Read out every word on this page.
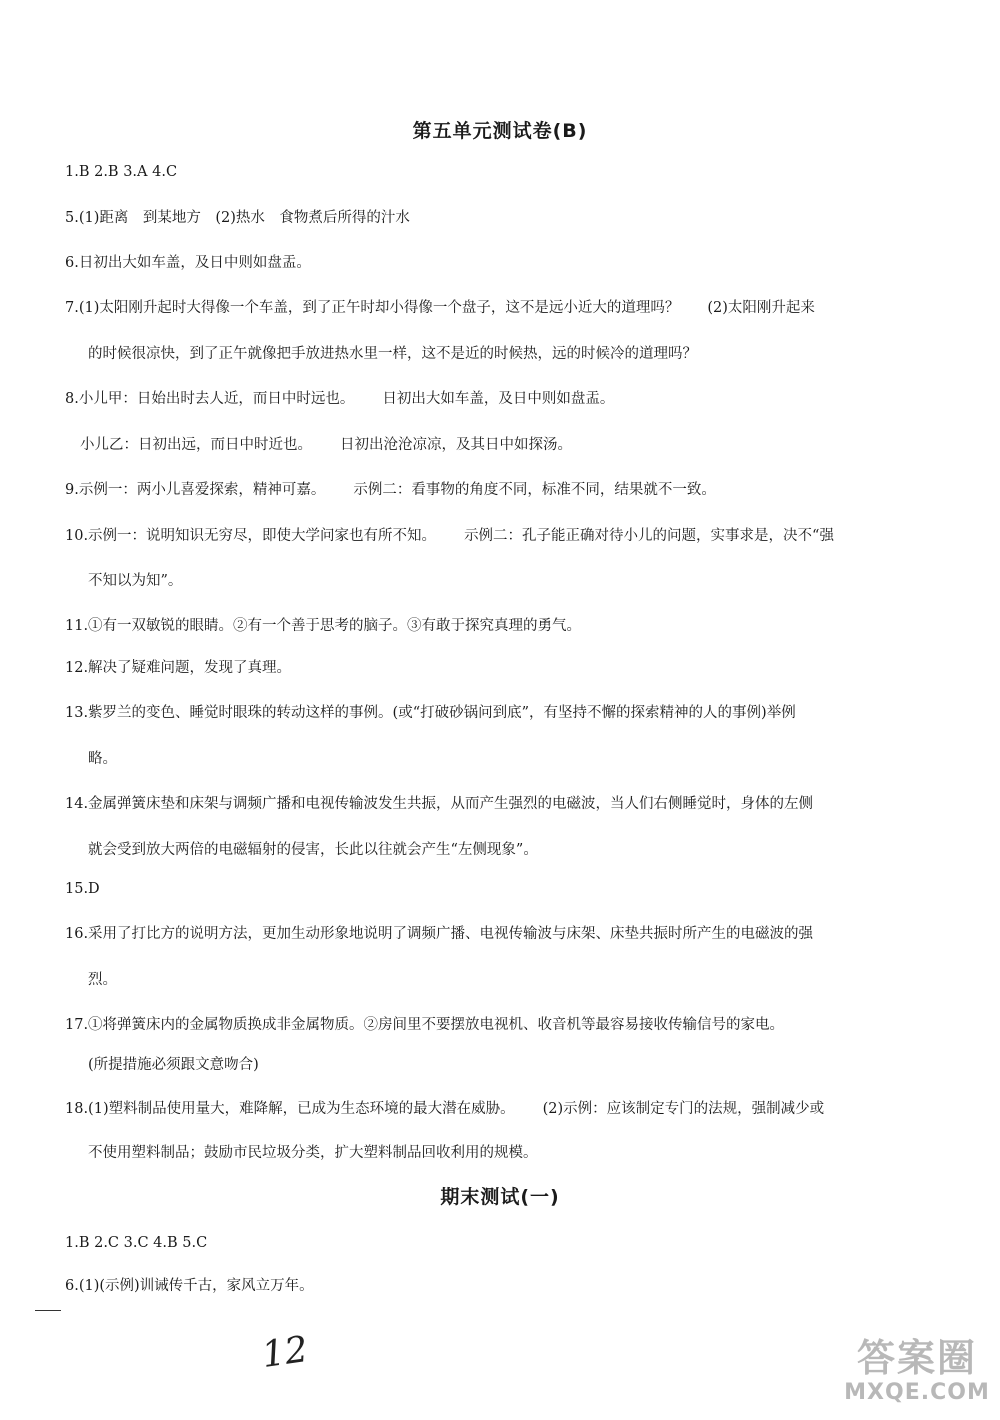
第五单元测试卷(B)
1.B 2.B 3.A 4.C
5.(1)距离　到某地方　(2)热水　食物煮后所得的汁水
6.日初出大如车盖，及日中则如盘盂。
7.(1)太阳刚升起时大得像一个车盖，到了正午时却小得像一个盘子，这不是远小近大的道理吗？ (2)太阳刚升起来
的时候很凉快，到了正午就像把手放进热水里一样，这不是近的时候热，远的时候冷的道理吗？
8.小儿甲：日始出时去人近，而日中时远也。 日初出大如车盖，及日中则如盘盂。
小儿乙：日初出远，而日中时近也。 日初出沧沧凉凉，及其日中如探汤。
9.示例一：两小儿喜爱探索，精神可嘉。 示例二：看事物的角度不同，标准不同，结果就不一致。
10.示例一：说明知识无穷尽，即使大学问家也有所不知。 示例二：孔子能正确对待小儿的问题，实事求是，决不“强
不知以为知”。
11.①有一双敏锐的眼睛。②有一个善于思考的脑子。③有敢于探究真理的勇气。
12.解决了疑难问题，发现了真理。
13.紫罗兰的变色、睡觉时眼珠的转动这样的事例。(或“打破砂锅问到底”，有坚持不懈的探索精神的人的事例)举例
略。
14.金属弹簧床垫和床架与调频广播和电视传输波发生共振，从而产生强烈的电磁波，当人们右侧睡觉时，身体的左侧
就会受到放大两倍的电磁辐射的侵害，长此以往就会产生“左侧现象”。
15.D
16.采用了打比方的说明方法，更加生动形象地说明了调频广播、电视传输波与床架、床垫共振时所产生的电磁波的强
烈。
17.①将弹簧床内的金属物质换成非金属物质。②房间里不要摆放电视机、收音机等最容易接收传输信号的家电。
(所提措施必须跟文意吻合)
18.(1)塑料制品使用量大，难降解，已成为生态环境的最大潜在威胁。 (2)示例：应该制定专门的法规，强制减少或
不使用塑料制品；鼓励市民垃圾分类，扩大塑料制品回收利用的规模。
期末测试(一)
1.B 2.C 3.C 4.B 5.C
6.(1)(示例)训诫传千古，家风立万年。
12	答案圈
MXQE.COM
